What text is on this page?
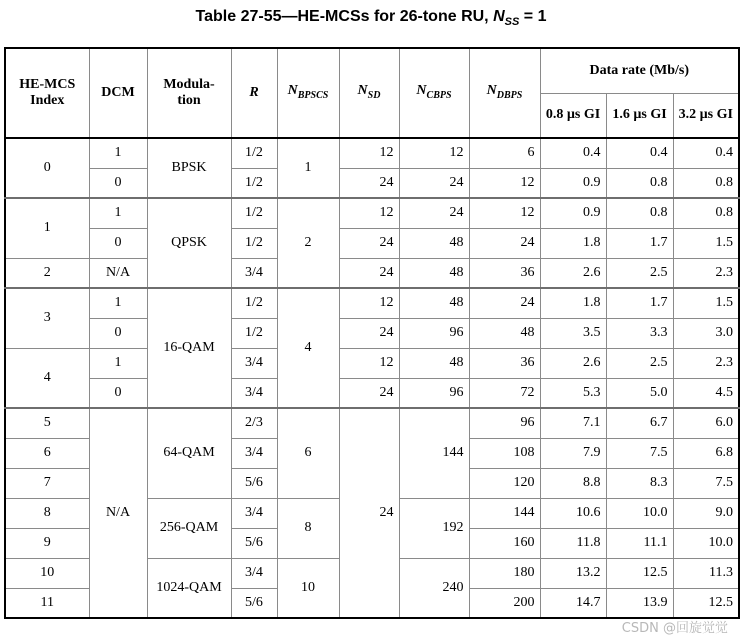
Table 27-55—HE-MCSs for 26-tone RU, $N_{SS} = 1$
HE-MCS Index	DCM	Modula-tion	R	$N_{BPSCS}$	$N_{SD}$	$N_{CBPS}$	$N_{DBPS}$	Data rate (Mb/s)		
								0.8 µs GI	1.6 µs GI	3.2 µs GI
0	1	BPSK	1/2	1	12	12	6	0.4	0.4	0.4
	0		1/2		24	24	12	0.9	0.8	0.8
1	1	QPSK	1/2	2	12	24	12	0.9	0.8	0.8
	0		1/2		24	48	24	1.8	1.7	1.5
2	N/A		3/4		24	48	36	2.6	2.5	2.3
3	1	16-QAM	1/2	4	12	48	24	1.8	1.7	1.5
	0		1/2		24	96	48	3.5	3.3	3.0
4	1		3/4		12	48	36	2.6	2.5	2.3
	0		3/4		24	96	72	5.3	5.0	4.5
5	N/A	64-QAM	2/3	6	24	144	96	7.1	6.7	6.0
6			3/4				108	7.9	7.5	6.8
7			5/6				120	8.8	8.3	7.5
8		256-QAM	3/4	8		192	144	10.6	10.0	9.0
9			5/6				160	11.8	11.1	10.0
10		1024-QAM	3/4	10		240	180	13.2	12.5	11.3
11			5/6				200	14.7	13.9	12.5
CSDN @回旋觉觉
